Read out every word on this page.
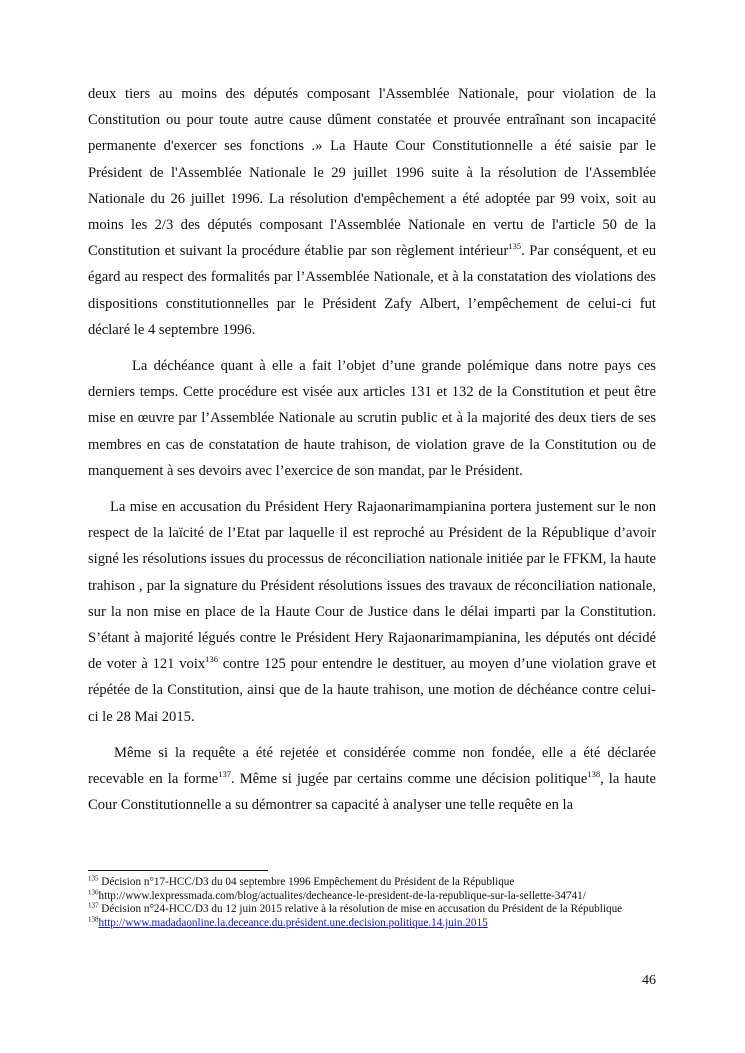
deux tiers au moins des députés composant l'Assemblée Nationale, pour violation de la Constitution ou pour toute autre cause dûment constatée et prouvée entraînant son incapacité permanente d'exercer ses fonctions .» La Haute Cour Constitutionnelle a été saisie par le Président de l'Assemblée Nationale le 29 juillet 1996 suite à la résolution de l'Assemblée Nationale du 26 juillet 1996. La résolution d'empêchement a été adoptée par 99 voix, soit au moins les 2/3 des députés composant l'Assemblée Nationale en vertu de l'article 50 de la Constitution et suivant la procédure établie par son règlement intérieur$^{135}$. Par conséquent, et eu égard au respect des formalités par l’Assemblée Nationale, et à la constatation des violations des dispositions constitutionnelles par le Président Zafy Albert, l’empêchement de celui-ci fut déclaré le 4 septembre 1996.

La déchéance quant à elle a fait l’objet d’une grande polémique dans notre pays ces derniers temps. Cette procédure est visée aux articles 131 et 132 de la Constitution et peut être mise en œuvre par l’Assemblée Nationale au scrutin public et à la majorité des deux tiers de ses membres en cas de constatation de haute trahison, de violation grave de la Constitution ou de manquement à ses devoirs avec l’exercice de son mandat, par le Président.

La mise en accusation du Président Hery Rajaonarimampianina portera justement sur le non respect de la laïcité de l’Etat par laquelle il est reproché au Président de la République d’avoir signé les résolutions issues du processus de réconciliation nationale initiée par le FFKM, la haute trahison , par la signature du Président résolutions issues des travaux de réconciliation nationale, sur la non mise en place de la Haute Cour de Justice dans le délai imparti par la Constitution. S’étant à majorité légués contre le Président Hery Rajaonarimampianina, les députés ont décidé de voter à 121 voix$^{136}$ contre 125 pour entendre le destituer, au moyen d’une violation grave et répétée de la Constitution, ainsi que de la haute trahison, une motion de déchéance contre celui-ci le 28 Mai 2015.

Même si la requête a été rejetée et considérée comme non fondée, elle a été déclarée recevable en la forme$^{137}$. Même si jugée par certains comme une décision politique$^{138}$, la haute Cour Constitutionnelle a su démontrer sa capacité à analyser une telle requête en la

$^{135}$ Décision n°17-HCC/D3 du 04 septembre 1996 Empêchement du Président de la République

$^{136}$http://www.lexpressmada.com/blog/actualites/decheance-le-president-de-la-republique-sur-la-sellette-34741/

$^{137}$ Décision n°24-HCC/D3 du 12 juin 2015 relative à la résolution de mise en accusation du Président de la République

$^{138}$http://www.madadaonline.la.deceance.du.président.une.decision.politique.14.juin.2015

46
